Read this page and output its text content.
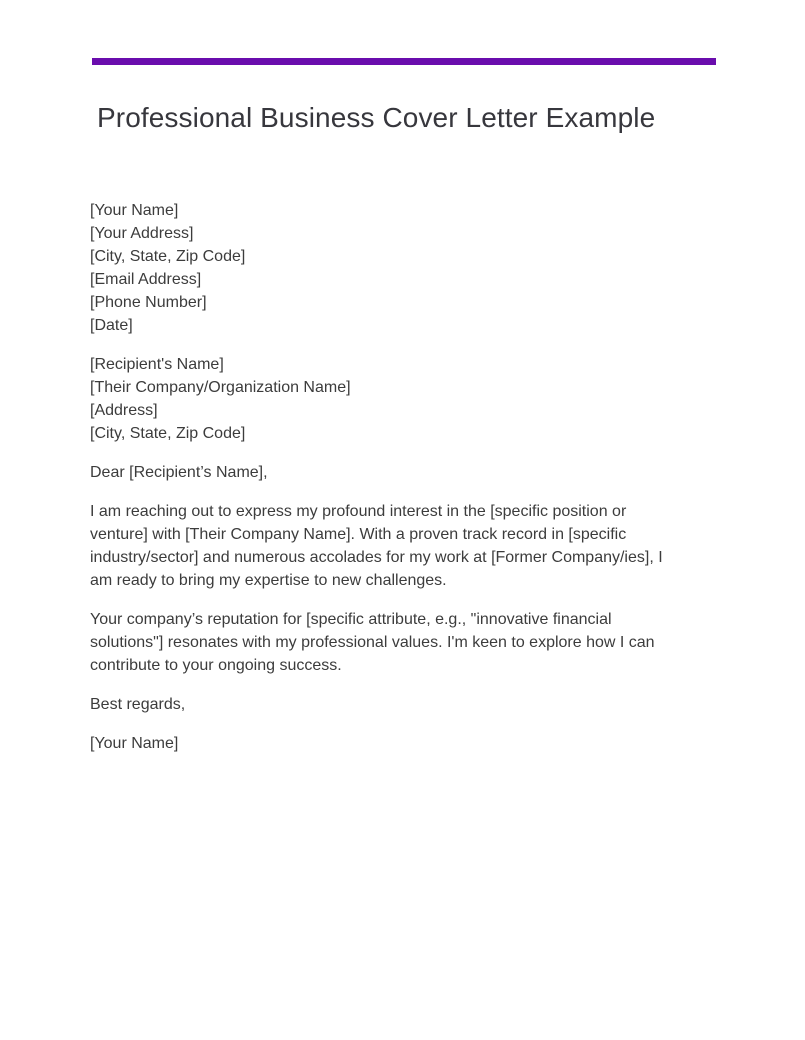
Professional Business Cover Letter Example
[Your Name]
[Your Address]
[City, State, Zip Code]
[Email Address]
[Phone Number]
[Date]
[Recipient's Name]
[Their Company/Organization Name]
[Address]
[City, State, Zip Code]

Dear [Recipient’s Name],

I am reaching out to express my profound interest in the [specific position or venture] with [Their Company Name]. With a proven track record in [specific industry/sector] and numerous accolades for my work at [Former Company/ies], I am ready to bring my expertise to new challenges.

Your company’s reputation for [specific attribute, e.g., "innovative financial solutions"] resonates with my professional values. I'm keen to explore how I can contribute to your ongoing success.

Best regards,

[Your Name]
